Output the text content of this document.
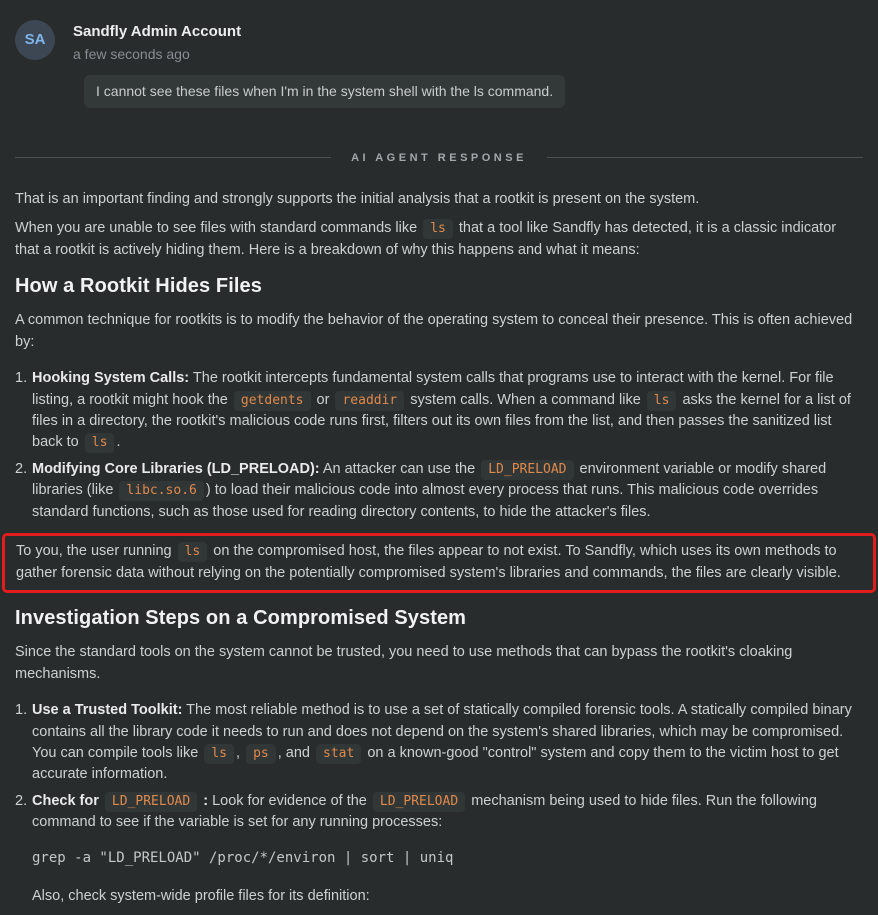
SA	Sandfly Admin Account
a few seconds ago
I cannot see these files when I'm in the system shell with the ls command.
AI AGENT RESPONSE

That is an important finding and strongly supports the initial analysis that a rootkit is present on the system.

When you are unable to see files with standard commands like ls that a tool like Sandfly has detected, it is a classic indicator that a rootkit is actively hiding them. Here is a breakdown of why this happens and what it means:

How a Rootkit Hides Files

A common technique for rootkits is to modify the behavior of the operating system to conceal their presence. This is often achieved by:

1. Hooking System Calls: The rootkit intercepts fundamental system calls that programs use to interact with the kernel. For file listing, a rootkit might hook the getdents or readdir system calls. When a command like ls asks the kernel for a list of files in a directory, the rootkit's malicious code runs first, filters out its own files from the list, and then passes the sanitized list back to ls .
2. Modifying Core Libraries (LD_PRELOAD): An attacker can use the LD_PRELOAD environment variable or modify shared libraries (like libc.so.6 ) to load their malicious code into almost every process that runs. This malicious code overrides standard functions, such as those used for reading directory contents, to hide the attacker's files.

To you, the user running ls on the compromised host, the files appear to not exist. To Sandfly, which uses its own methods to gather forensic data without relying on the potentially compromised system's libraries and commands, the files are clearly visible.

Investigation Steps on a Compromised System

Since the standard tools on the system cannot be trusted, you need to use methods that can bypass the rootkit's cloaking mechanisms.

1. Use a Trusted Toolkit: The most reliable method is to use a set of statically compiled forensic tools. A statically compiled binary contains all the library code it needs to run and does not depend on the system's shared libraries, which may be compromised. You can compile tools like ls , ps , and stat on a known-good "control" system and copy them to the victim host to get accurate information.
2. Check for LD_PRELOAD : Look for evidence of the LD_PRELOAD mechanism being used to hide files. Run the following command to see if the variable is set for any running processes:
grep -a "LD_PRELOAD" /proc/*/environ | sort | uniq

Also, check system-wide profile files for its definition:
